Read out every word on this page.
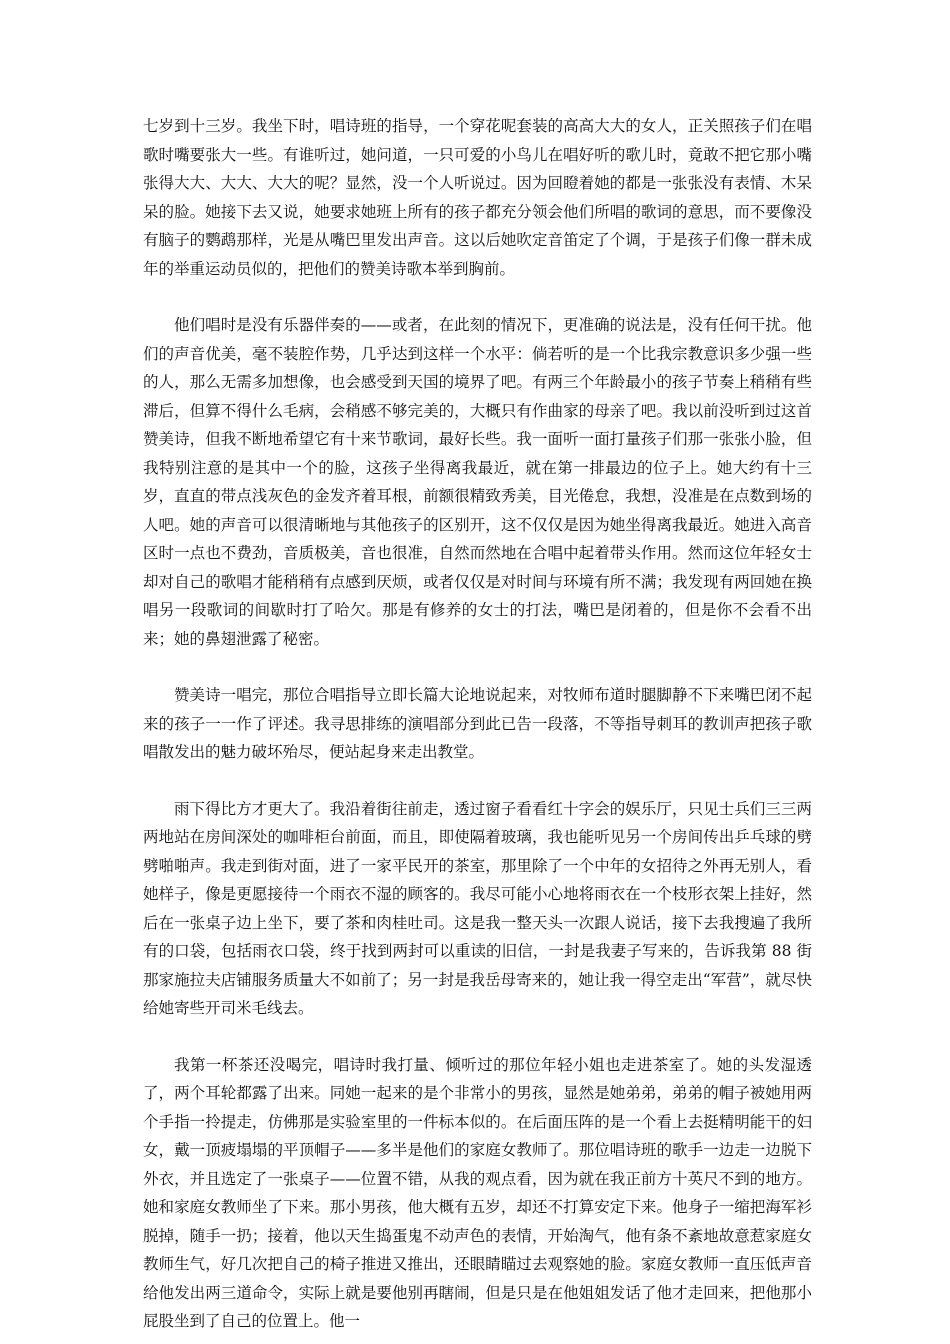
七岁到十三岁。我坐下时，唱诗班的指导，一个穿花呢套装的高高大大的女人，正关照孩子们在唱歌时嘴要张大一些。有谁听过，她问道，一只可爱的小鸟儿在唱好听的歌儿时，竟敢不把它那小嘴张得大大、大大、大大的呢？显然，没一个人听说过。因为回瞪着她的都是一张张没有表情、木呆呆的脸。她接下去又说，她要求她班上所有的孩子都充分领会他们所唱的歌词的意思，而不要像没有脑子的鹦鹉那样，光是从嘴巴里发出声音。这以后她吹定音笛定了个调，于是孩子们像一群未成年的举重运动员似的，把他们的赞美诗歌本举到胸前。

他们唱时是没有乐器伴奏的——或者，在此刻的情况下，更准确的说法是，没有任何干扰。他们的声音优美，毫不装腔作势，几乎达到这样一个水平：倘若听的是一个比我宗教意识多少强一些的人，那么无需多加想像，也会感受到天国的境界了吧。有两三个年龄最小的孩子节奏上稍稍有些滞后，但算不得什么毛病，会稍感不够完美的，大概只有作曲家的母亲了吧。我以前没听到过这首赞美诗，但我不断地希望它有十来节歌词，最好长些。我一面听一面打量孩子们那一张张小脸，但我特别注意的是其中一个的脸，这孩子坐得离我最近，就在第一排最边的位子上。她大约有十三岁，直直的带点浅灰色的金发齐着耳根，前额很精致秀美，目光倦怠，我想，没准是在点数到场的人吧。她的声音可以很清晰地与其他孩子的区别开，这不仅仅是因为她坐得离我最近。她进入高音区时一点也不费劲，音质极美，音也很准，自然而然地在合唱中起着带头作用。然而这位年轻女士却对自己的歌唱才能稍稍有点感到厌烦，或者仅仅是对时间与环境有所不满；我发现有两回她在换唱另一段歌词的间歇时打了哈欠。那是有修养的女士的打法，嘴巴是闭着的，但是你不会看不出来；她的鼻翅泄露了秘密。

赞美诗一唱完，那位合唱指导立即长篇大论地说起来，对牧师布道时腿脚静不下来嘴巴闭不起来的孩子一一作了评述。我寻思排练的演唱部分到此已告一段落，不等指导刺耳的教训声把孩子歌唱散发出的魅力破坏殆尽，便站起身来走出教堂。

雨下得比方才更大了。我沿着街往前走，透过窗子看看红十字会的娱乐厅，只见士兵们三三两两地站在房间深处的咖啡柜台前面，而且，即使隔着玻璃，我也能听见另一个房间传出乒乓球的劈劈啪啪声。我走到街对面，进了一家平民开的茶室，那里除了一个中年的女招待之外再无别人，看她样子，像是更愿接待一个雨衣不湿的顾客的。我尽可能小心地将雨衣在一个枝形衣架上挂好，然后在一张桌子边上坐下，要了茶和肉桂吐司。这是我一整天头一次跟人说话，接下去我搜遍了我所有的口袋，包括雨衣口袋，终于找到两封可以重读的旧信，一封是我妻子写来的，告诉我第 88 街那家施拉夫店铺服务质量大不如前了；另一封是我岳母寄来的，她让我一得空走出“军营”，就尽快给她寄些开司米毛线去。

我第一杯茶还没喝完，唱诗时我打量、倾听过的那位年轻小姐也走进茶室了。她的头发湿透了，两个耳轮都露了出来。同她一起来的是个非常小的男孩，显然是她弟弟，弟弟的帽子被她用两个手指一拎提走，仿佛那是实验室里的一件标本似的。在后面压阵的是一个看上去挺精明能干的妇女，戴一顶疲塌塌的平顶帽子——多半是他们的家庭女教师了。那位唱诗班的歌手一边走一边脱下外衣，并且选定了一张桌子——位置不错，从我的观点看，因为就在我正前方十英尺不到的地方。她和家庭女教师坐了下来。那小男孩，他大概有五岁，却还不打算安定下来。他身子一缩把海军衫脱掉，随手一扔；接着，他以天生捣蛋鬼不动声色的表情，开始淘气，他有条不紊地故意惹家庭女教师生气，好几次把自己的椅子推进又推出，还眼睛瞄过去观察她的脸。家庭女教师一直压低声音给他发出两三道命令，实际上就是要他别再瞎闹，但是只是在他姐姐发话了他才走回来，把他那小屁股坐到了自己的位置上。他一
